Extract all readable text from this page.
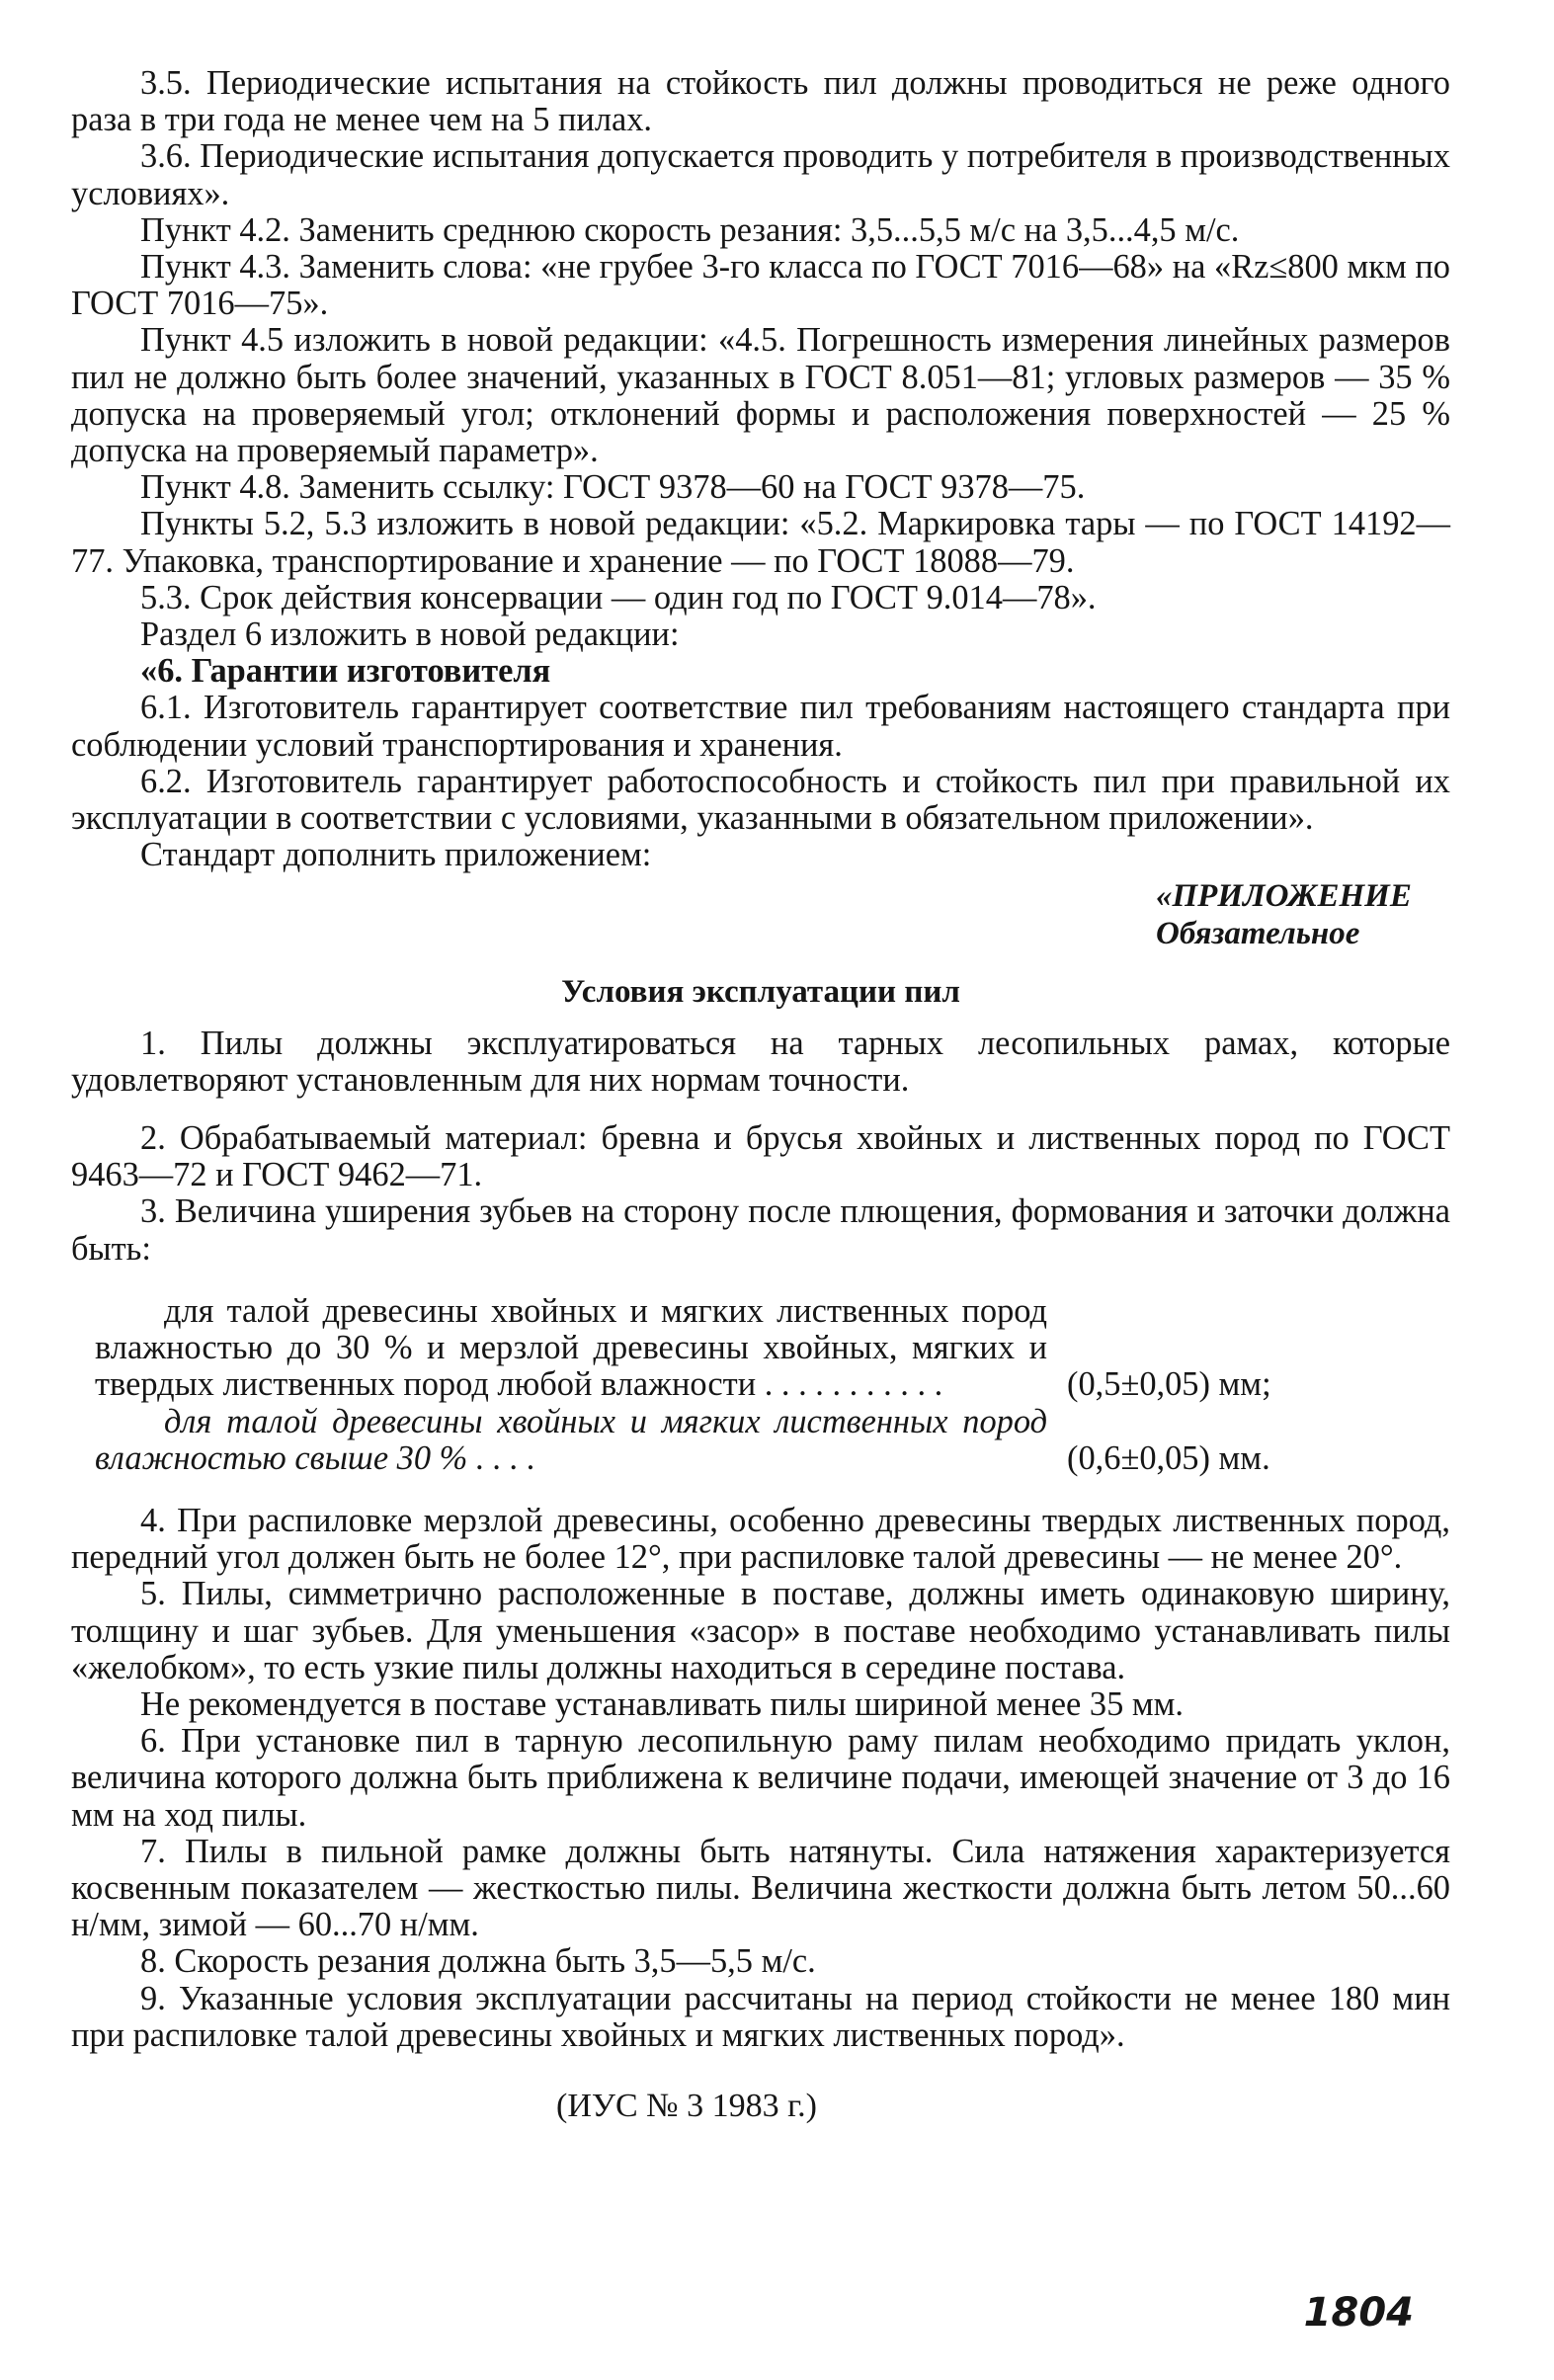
3.5. Периодические испытания на стойкость пил должны проводиться не реже одного раза в три года не менее чем на 5 пилах.

3.6. Периодические испытания допускается проводить у потребителя в производственных условиях».

Пункт 4.2. Заменить среднюю скорость резания: 3,5...5,5 м/с на 3,5...4,5 м/с.

Пункт 4.3. Заменить слова: «не грубее 3-го класса по ГОСТ 7016—68» на «Rz≤800 мкм по ГОСТ 7016—75».

Пункт 4.5 изложить в новой редакции: «4.5. Погрешность измерения линейных размеров пил не должно быть более значений, указанных в ГОСТ 8.051—81; угловых размеров — 35 % допуска на проверяемый угол; отклонений формы и расположения поверхностей — 25 % допуска на проверяемый параметр».

Пункт 4.8. Заменить ссылку: ГОСТ 9378—60 на ГОСТ 9378—75.

Пункты 5.2, 5.3 изложить в новой редакции: «5.2. Маркировка тары — по ГОСТ 14192—77. Упаковка, транспортирование и хранение — по ГОСТ 18088—79.

5.3. Срок действия консервации — один год по ГОСТ 9.014—78».

Раздел 6 изложить в новой редакции:

«6. Гарантии изготовителя

6.1. Изготовитель гарантирует соответствие пил требованиям настоящего стандарта при соблюдении условий транспортирования и хранения.

6.2. Изготовитель гарантирует работоспособность и стойкость пил при правильной их эксплуатации в соответствии с условиями, указанными в обязательном приложении».

Стандарт дополнить приложением:

«ПРИЛОЖЕНИЕ
Обязательное

Условия эксплуатации пил

1. Пилы должны эксплуатироваться на тарных лесопильных рамах, которые удовлетворяют установленным для них нормам точности.

2. Обрабатываемый материал: бревна и брусья хвойных и лиственных пород по ГОСТ 9463—72 и ГОСТ 9462—71.

3. Величина уширения зубьев на сторону после плющения, формования и заточки должна быть:

для талой древесины хвойных и мягких лиственных пород влажностью до 30 % и мерзлой древесины хвойных, мягких и твердых лиственных пород любой влажности . . . . . . . . . . .	(0,5±0,05) мм;

для талой древесины хвойных и мягких лиственных пород влажностью свыше 30 % . . . .	(0,6±0,05) мм.

4. При распиловке мерзлой древесины, особенно древесины твердых лиственных пород, передний угол должен быть не более 12°, при распиловке талой древесины — не менее 20°.

5. Пилы, симметрично расположенные в поставе, должны иметь одинаковую ширину, толщину и шаг зубьев. Для уменьшения «засор» в поставе необходимо устанавливать пилы «желобком», то есть узкие пилы должны находиться в середине постава.

Не рекомендуется в поставе устанавливать пилы шириной менее 35 мм.

6. При установке пил в тарную лесопильную раму пилам необходимо придать уклон, величина которого должна быть приближена к величине подачи, имеющей значение от 3 до 16 мм на ход пилы.

7. Пилы в пильной рамке должны быть натянуты. Сила натяжения характеризуется косвенным показателем — жесткостью пилы. Величина жесткости должна быть летом 50...60 н/мм, зимой — 60...70 н/мм.

8. Скорость резания должна быть 3,5—5,5 м/с.

9. Указанные условия эксплуатации рассчитаны на период стойкости не менее 180 мин при распиловке талой древесины хвойных и мягких лиственных пород».

(ИУС № 3 1983 г.)

1804
